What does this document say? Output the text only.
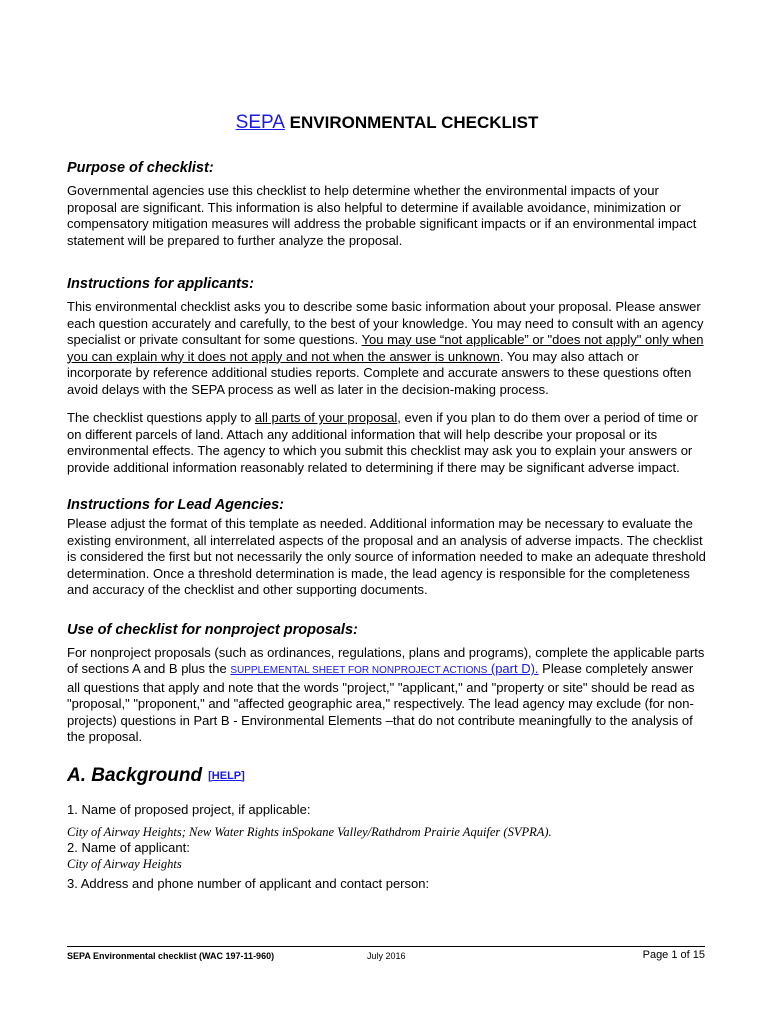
SEPA ENVIRONMENTAL CHECKLIST
Purpose of checklist:

Governmental agencies use this checklist to help determine whether the environmental impacts of your proposal are significant. This information is also helpful to determine if available avoidance, minimization or compensatory mitigation measures will address the probable significant impacts or if an environmental impact statement will be prepared to further analyze the proposal.

Instructions for applicants:

This environmental checklist asks you to describe some basic information about your proposal. Please answer each question accurately and carefully, to the best of your knowledge. You may need to consult with an agency specialist or private consultant for some questions. You may use “not applicable” or "does not apply" only when you can explain why it does not apply and not when the answer is unknown. You may also attach or incorporate by reference additional studies reports. Complete and accurate answers to these questions often avoid delays with the SEPA process as well as later in the decision-making process.

The checklist questions apply to all parts of your proposal, even if you plan to do them over a period of time or on different parcels of land. Attach any additional information that will help describe your proposal or its environmental effects. The agency to which you submit this checklist may ask you to explain your answers or provide additional information reasonably related to determining if there may be significant adverse impact.

Instructions for Lead Agencies:

Please adjust the format of this template as needed. Additional information may be necessary to evaluate the existing environment, all interrelated aspects of the proposal and an analysis of adverse impacts. The checklist is considered the first but not necessarily the only source of information needed to make an adequate threshold determination. Once a threshold determination is made, the lead agency is responsible for the completeness and accuracy of the checklist and other supporting documents.

Use of checklist for nonproject proposals:

For nonproject proposals (such as ordinances, regulations, plans and programs), complete the applicable parts of sections A and B plus the SUPPLEMENTAL SHEET FOR NONPROJECT ACTIONS (part D). Please completely answer all questions that apply and note that the words "project," "applicant," and "property or site" should be read as "proposal," "proponent," and "affected geographic area," respectively. The lead agency may exclude (for non-projects) questions in Part B - Environmental Elements –that do not contribute meaningfully to the analysis of the proposal.

A. Background [HELP]

1. Name of proposed project, if applicable:

City of Airway Heights; New Water Rights inSpokane Valley/Rathdrom Prairie Aquifer (SVPRA).

2. Name of applicant:

City of Airway Heights

3. Address and phone number of applicant and contact person:

SEPA Environmental checklist (WAC 197-11-960)	July 2016	Page 1 of 15
